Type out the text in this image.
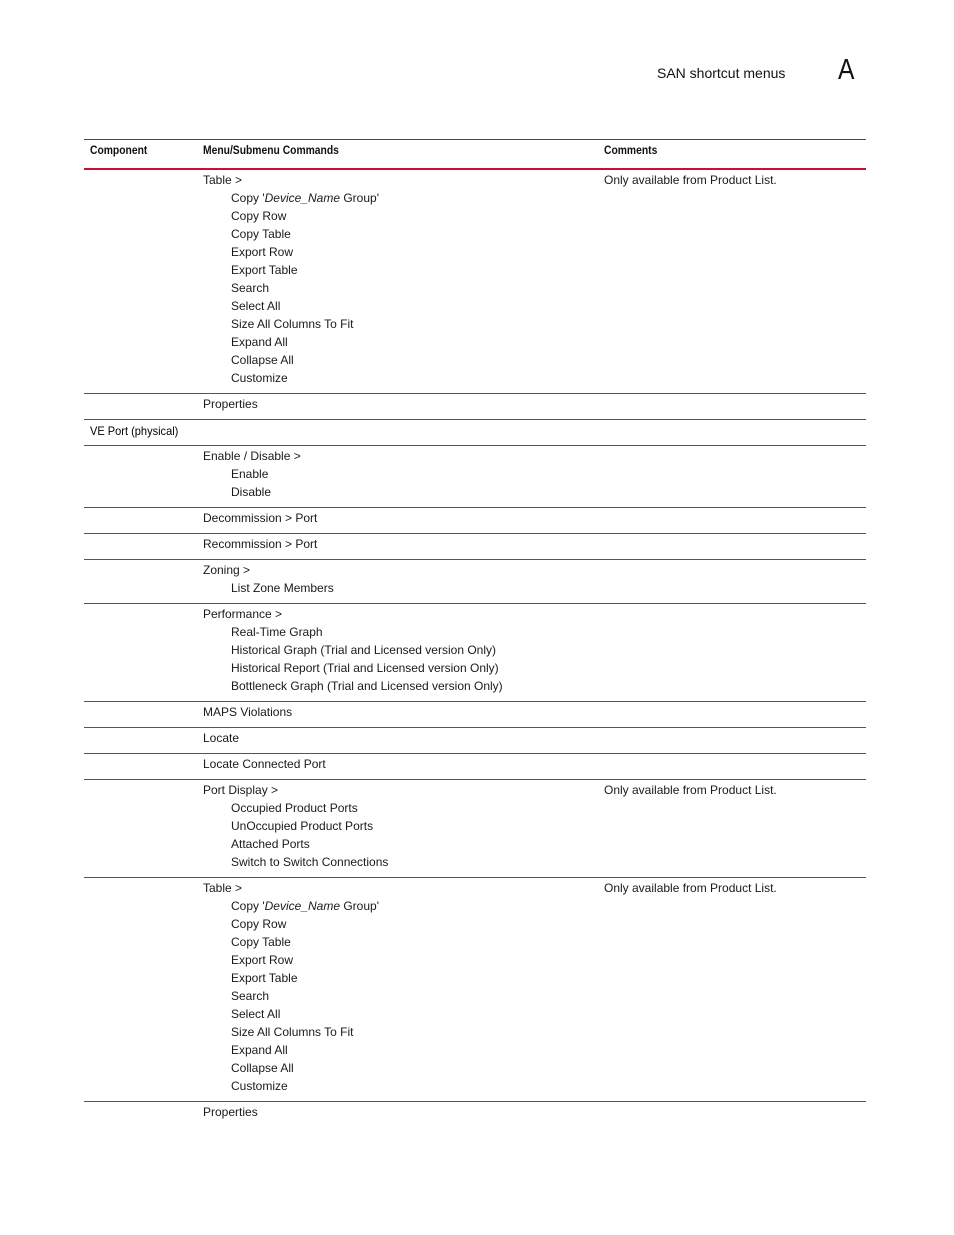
SAN shortcut menus A
Component	Menu/Submenu Commands	Comments
Table >
Copy 'Device_Name Group'
Copy Row
Copy Table
Export Row
Export Table
Search
Select All
Size All Columns To Fit
Expand All
Collapse All
Customize
Only available from Product List.
Properties
VE Port (physical)
Enable / Disable >
Enable
Disable
Decommission > Port
Recommission > Port
Zoning >
List Zone Members
Performance >
Real-Time Graph
Historical Graph (Trial and Licensed version Only)
Historical Report (Trial and Licensed version Only)
Bottleneck Graph (Trial and Licensed version Only)
MAPS Violations
Locate
Locate Connected Port
Port Display >
Occupied Product Ports
UnOccupied Product Ports
Attached Ports
Switch to Switch Connections
Only available from Product List.
Table >
Copy 'Device_Name Group'
Copy Row
Copy Table
Export Row
Export Table
Search
Select All
Size All Columns To Fit
Expand All
Collapse All
Customize
Only available from Product List.
Properties
